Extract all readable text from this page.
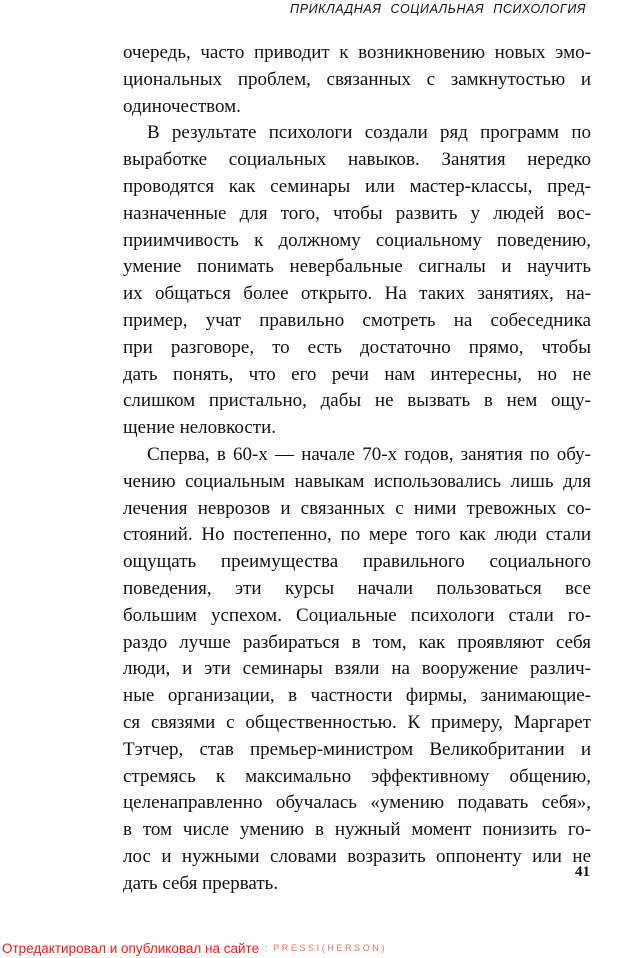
ПРИКЛАДНАЯ СОЦИАЛЬНАЯ ПСИХОЛОГИЯ
очередь, часто приводит к возникновению новых эмо-
циональных проблем, связанных с замкнутостью и
одиночеством.
В результате психологи создали ряд программ по
выработке социальных навыков. Занятия нередко
проводятся как семинары или мастер-классы, пред-
назначенные для того, чтобы развить у людей вос-
приимчивость к должному социальному поведению,
умение понимать невербальные сигналы и научить
их общаться более открыто. На таких занятиях, на-
пример, учат правильно смотреть на собеседника
при разговоре, то есть достаточно прямо, чтобы
дать понять, что его речи нам интересны, но не
слишком пристально, дабы не вызвать в нем ощу-
щение неловкости.
Сперва, в 60-х — начале 70-х годов, занятия по обу-
чению социальным навыкам использовались лишь для
лечения неврозов и связанных с ними тревожных со-
стояний. Но постепенно, по мере того как люди стали
ощущать преимущества правильного социального
поведения, эти курсы начали пользоваться все
большим успехом. Социальные психологи стали го-
раздо лучше разбираться в том, как проявляют себя
люди, и эти семинары взяли на вооружение различ-
ные организации, в частности фирмы, занимающие-
ся связями с общественностью. К примеру, Маргарет
Тэтчер, став премьер-министром Великобритании и
стремясь к максимально эффективному общению,
целенаправленно обучалась «умению подавать себя»,
в том числе умению в нужный момент понизить го-
лос и нужными словами возразить оппоненту или не
дать себя прервать.
41
Отредактировал и опубликовал на сайте : PRESSI(HERSON)
